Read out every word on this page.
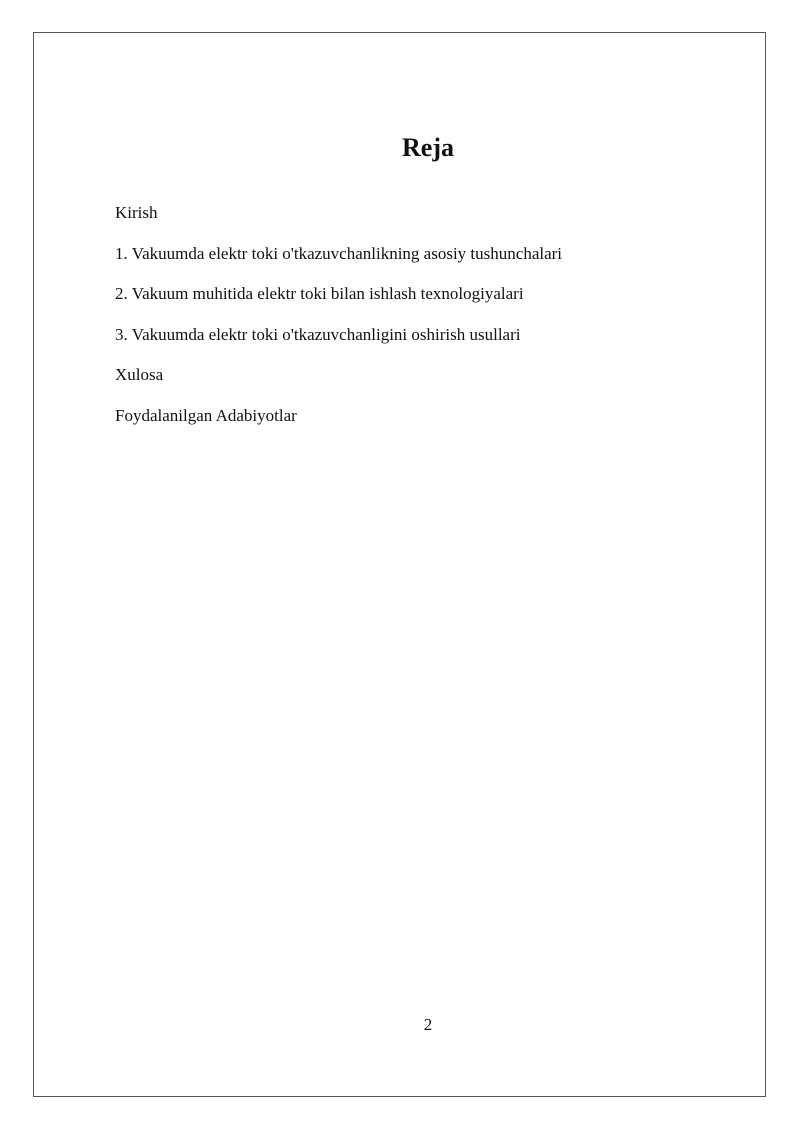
Reja
Kirish
1. Vakuumda elektr toki o'tkazuvchanlikning asosiy tushunchalari
2. Vakuum muhitida elektr toki bilan ishlash texnologiyalari
3. Vakuumda elektr toki o'tkazuvchanligini oshirish usullari
Xulosa
Foydalanilgan Adabiyotlar
2
